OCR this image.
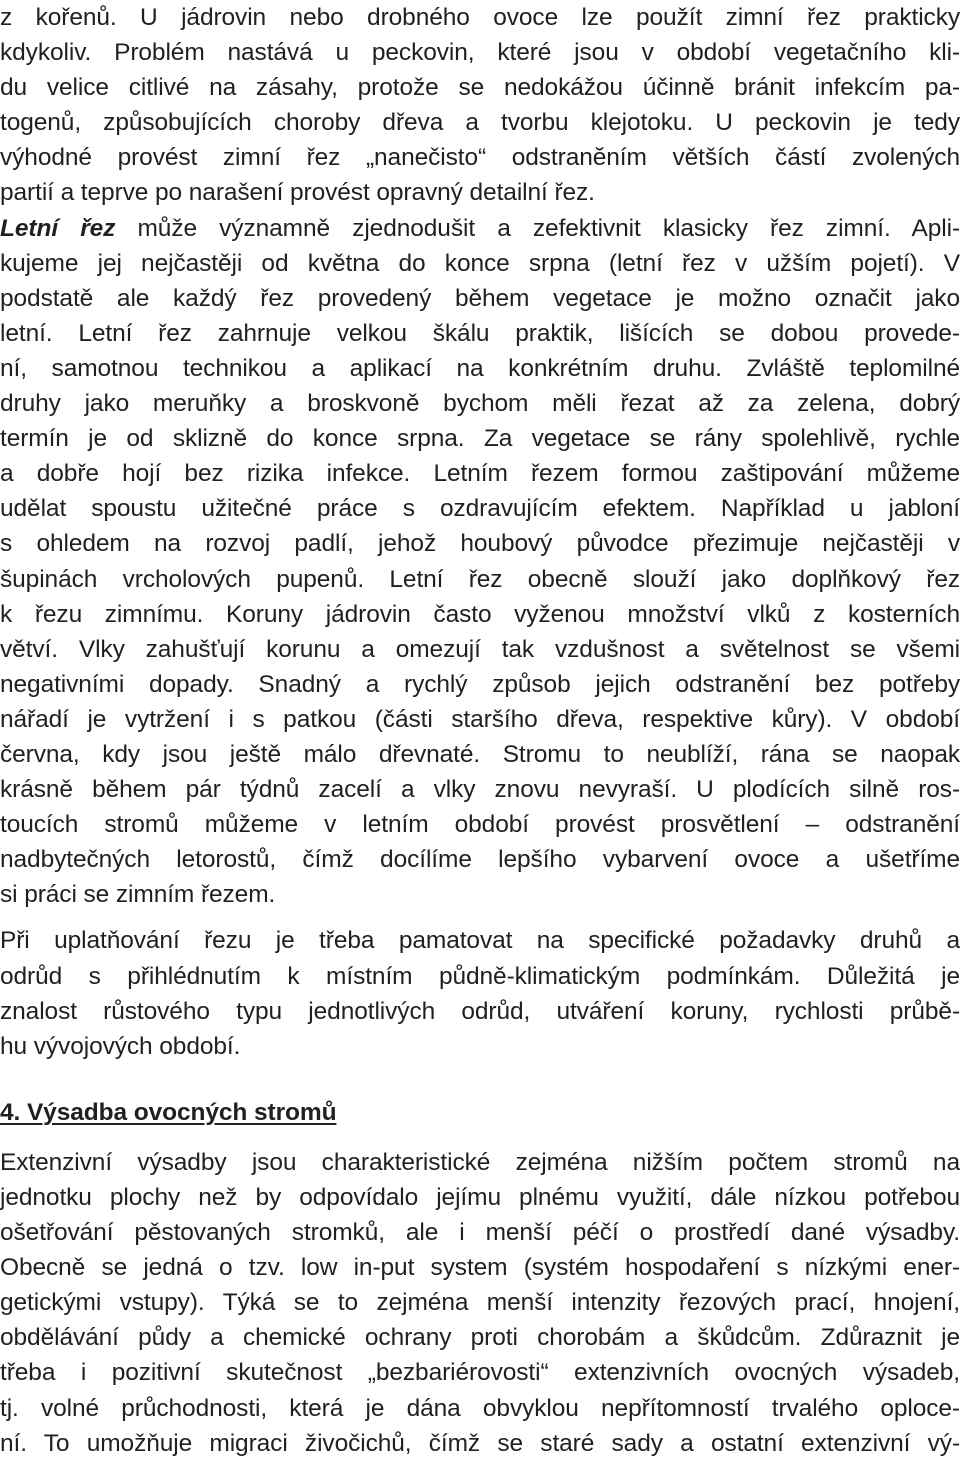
z kořenů. U jádrovin nebo drobného ovoce lze použít zimní řez prakticky
kdykoliv. Problém nastává u peckovin, které jsou v období vegetačního kli-
du velice citlivé na zásahy, protože se nedokážou účinně bránit infekcím pa-
togenů, způsobujících choroby dřeva a tvorbu klejotoku. U peckovin je tedy
výhodné provést zimní řez „nanečisto“ odstranĕním větších částí zvolených
partií a teprve po narašení provést opravný detailní řez.
Letní řez může významně zjednodušit a zefektivnit klasicky řez zimní. Apli-
kujeme jej nejčastěji od května do konce srpna (letní řez v užším pojetí). V
podstatě ale každý řez provedený během vegetace je možno označit jako
letní. Letní řez zahrnuje velkou škálu praktik, lišících se dobou provede-
ní, samotnou technikou a aplikací na konkrétním druhu. Zvláště teplomilné
druhy jako meruňky a broskvoně bychom měli řezat až za zelena, dobrý
termín je od sklizně do konce srpna. Za vegetace se rány spolehlivě, rychle
a dobře hojí bez rizika infekce. Letním řezem formou zaštipování můžeme
udělat spoustu užitečné práce s ozdravujícím efektem. Například u jabloní
s ohledem na rozvoj padlí, jehož houbový původce přezimuje nejčastěji v
šupinách vrcholových pupenů. Letní řez obecně slouží jako doplňkový řez
k řezu zimnímu. Koruny jádrovin často vyženou množství vlků z kosterních
větví. Vlky zahušťují korunu a omezují tak vzdušnost a světelnost se všemi
negativními dopady. Snadný a rychlý způsob jejich odstranění bez potřeby
nářadí je vytržení i s patkou (části staršího dřeva, respektive kůry). V období
června, kdy jsou ještě málo dřevnaté. Stromu to neublíží, rána se naopak
krásně během pár týdnů zacelí a vlky znovu nevyraší. U plodících silně ros-
toucích stromů můžeme v letním období provést prosvětlení – odstranění
nadbytečných letorostů, čímž docílíme lepšího vybarvení ovoce a ušetříme
si práci se zimním řezem.
Při uplatňování řezu je třeba pamatovat na specifické požadavky druhů a
odrůd s přihlédnutím k místním půdně-klimatickým podmínkám. Důležitá je
znalost růstového typu jednotlivých odrůd, utváření koruny, rychlosti průbě-
hu vývojových období.
4. Výsadba ovocných stromů
Extenzivní výsadby jsou charakteristické zejména nižším počtem stromů na
jednotku plochy než by odpovídalo jejímu plnému využití, dále nízkou potřebou
ošetřování pěstovaných stromků, ale i menší péčí o prostředí dané výsadby.
Obecně se jedná o tzv. low in-put system (systém hospodaření s nízkými ener-
getickými vstupy). Týká se to zejména menší intenzity řezových prací, hnojení,
obdělávání půdy a chemické ochrany proti chorobám a škůdcům. Zdůraznit je
třeba i pozitivní skutečnost „bezbariérovosti“ extenzivních ovocných výsadeb,
tj. volné průchodnosti, která je dána obvyklou nepřítomností trvalého oploce-
ní. To umožňuje migraci živočichů, čímž se staré sady a ostatní extenzivní vý-
